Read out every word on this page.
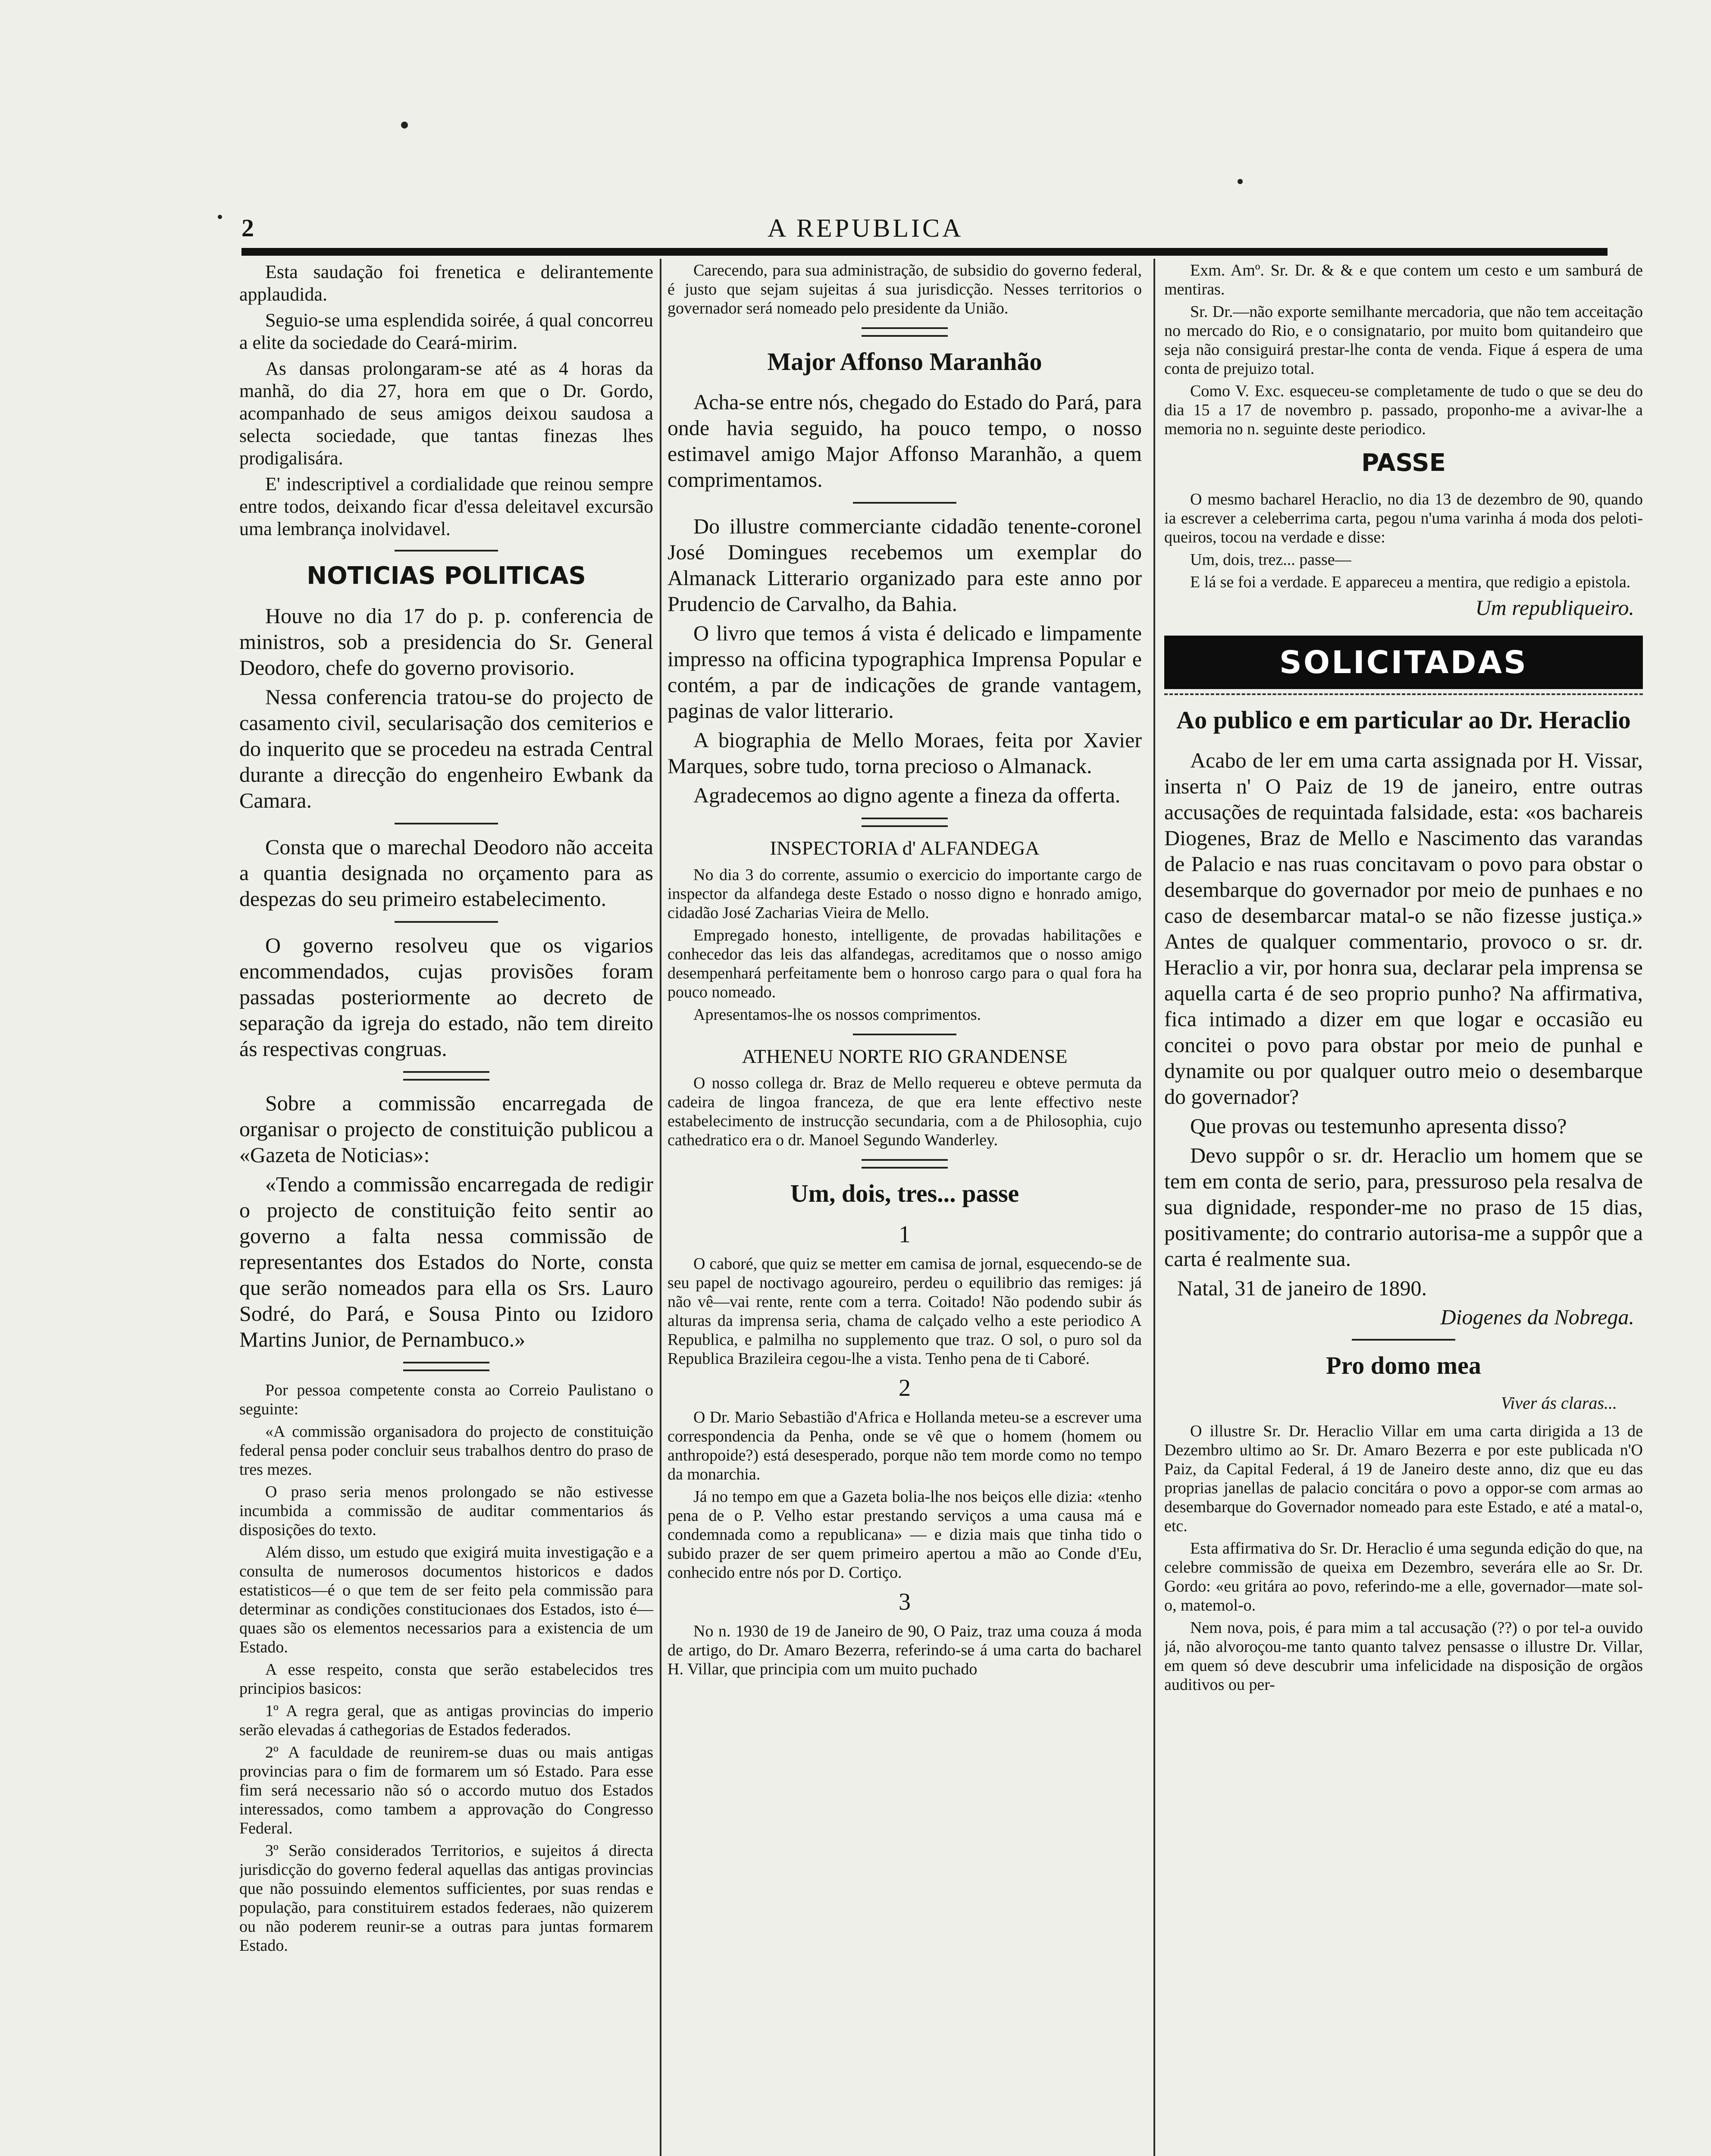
2	A REPUBLICA

Esta saudação foi frenetica e delirantemente applaudida.

Seguio-se uma esplendida soirée, á qual concorreu a elite da sociedade do Ceará-mirim.

As dansas prolongaram-se até as 4 horas da manhã, do dia 27, hora em que o Dr. Gordo, acompanhado de seus amigos deixou saudosa a selecta sociedade, que tantas finezas lhes prodigalisára.

E' indescriptivel a cordialidade que reinou sempre entre todos, deixando ficar d'essa deleitavel excursão uma lembrança inolvidavel.

NOTICIAS POLITICAS

Houve no dia 17 do p. p. conferencia de ministros, sob a presidencia do Sr. General Deodoro, chefe do governo provisorio.

Nessa conferencia tratou-se do projecto de casamento civil, secularisação dos cemiterios e do inquerito que se procedeu na estrada Central durante a direcção do engenheiro Ewbank da Camara.

Consta que o marechal Deodoro não acceita a quantia designada no orçamento para as despezas do seu primeiro estabelecimento.

O governo resolveu que os vigarios encommendados, cujas provisões foram passadas posteriormente ao decreto de separação da igreja do estado, não tem direito ás respectivas congruas.

Sobre a commissão encarregada de organisar o projecto de constituição publicou a «Gazeta de Noticias»:

«Tendo a commissão encarregada de redigir o projecto de constituição feito sentir ao governo a falta nessa commissão de representantes dos Estados do Norte, consta que serão nomeados para ella os Srs. Lauro Sodré, do Pará, e Sousa Pinto ou Izidoro Martins Junior, de Pernambuco.»

Por pessoa competente consta ao Correio Paulistano o seguinte:

«A commissão organisadora do projecto de constituição federal pensa poder concluir seus trabalhos dentro do praso de tres mezes.

O praso seria menos prolongado se não estivesse incumbida a commissão de auditar commentarios ás disposições do texto.

Além disso, um estudo que exigirá muita investigação e a consulta de numerosos documentos historicos e dados estatisticos—é o que tem de ser feito pela commissão para determinar as condições constitucionaes dos Estados, isto é—quaes são os elementos necessarios para a existencia de um Estado.

A esse respeito, consta que serão estabelecidos tres principios basicos:

1º A regra geral, que as antigas provincias do imperio serão elevadas á cathegorias de Estados federados.

2º A faculdade de reunirem-se duas ou mais antigas provincias para o fim de formarem um só Estado. Para esse fim será necessario não só o accordo mutuo dos Estados interessados, como tambem a approvação do Congresso Federal.

3º Serão considerados Territorios, e sujeitos á directa jurisdicção do governo federal aquellas das antigas provincias que não possuindo elementos sufficientes, por suas rendas e população, para constituirem estados federaes, não quizerem ou não poderem reunir-se a outras para juntas formarem Estado.

Carecendo, para sua administração, de subsidio do governo federal, é justo que sejam sujeitas á sua jurisdicção. Nesses territorios o governador será nomeado pelo presidente da União.

Major Affonso Maranhão

Acha-se entre nós, chegado do Estado do Pará, para onde havia seguido, ha pouco tempo, o nosso estimavel amigo Major Affonso Maranhão, a quem comprimentamos.

Do illustre commerciante cidadão tenente-coronel José Domingues recebemos um exemplar do Almanack Litterario organizado para este anno por Prudencio de Carvalho, da Bahia.

O livro que temos á vista é delicado e limpamente impresso na officina typographica Imprensa Popular e contém, a par de indicações de grande vantagem, paginas de valor litterario.

A biographia de Mello Moraes, feita por Xavier Marques, sobre tudo, torna precioso o Almanack.

Agradecemos ao digno agente a fineza da offerta.

INSPECTORIA d' ALFANDEGA

No dia 3 do corrente, assumio o exercicio do importante cargo de inspector da alfandega deste Estado o nosso digno e honrado amigo, cidadão José Zacharias Vieira de Mello.

Empregado honesto, intelligente, de provadas habilitações e conhecedor das leis das alfandegas, acreditamos que o nosso amigo desempenhará perfeitamente bem o honroso cargo para o qual fora ha pouco nomeado.

Apresentamos-lhe os nossos comprimentos.

ATHENEU NORTE RIO GRANDENSE

O nosso collega dr. Braz de Mello requereu e obteve permuta da cadeira de lingoa franceza, de que era lente effectivo neste estabelecimento de instrucção secundaria, com a de Philosophia, cujo cathedratico era o dr. Manoel Segundo Wanderley.

Um, dois, tres... passe
1

O caboré, que quiz se metter em camisa de jornal, esquecendo-se de seu papel de noctivago agoureiro, perdeu o equilibrio das remiges: já não vê—vai rente, rente com a terra. Coitado! Não podendo subir ás alturas da imprensa seria, chama de calçado velho a este periodico A Republica, e palmilha no supplemento que traz. O sol, o puro sol da Republica Brazileira cegou-lhe a vista. Tenho pena de ti Caboré.

2

O Dr. Mario Sebastião d'Africa e Hollanda meteu-se a escrever uma correspondencia da Penha, onde se vê que o homem (homem ou anthropoide?) está desesperado, porque não tem morde como no tempo da monarchia.

Já no tempo em que a Gazeta bolia-lhe nos beiços elle dizia: «tenho pena de o P. Velho estar prestando serviços a uma causa má e condemnada como a republicana» — e dizia mais que tinha tido o subido prazer de ser quem primeiro apertou a mão ao Conde d'Eu, conhecido entre nós por D. Cortiço.

3

No n. 1930 de 19 de Janeiro de 90, O Paiz, traz uma couza á moda de artigo, do Dr. Amaro Bezerra, referindo-se á uma carta do bacharel H. Villar, que principia com um muito puchado

Exm. Amº. Sr. Dr. & & e que contem um cesto e um samburá de mentiras.

Sr. Dr.—não exporte semilhante mercadoria, que não tem acceitação no mercado do Rio, e o consignatario, por muito bom quitandeiro que seja não consiguirá prestar-lhe conta de venda. Fique á espera de uma conta de prejuizo total.

Como V. Exc. esqueceu-se completamente de tudo o que se deu do dia 15 a 17 de novembro p. passado, proponho-me a avivar-lhe a memoria no n. seguinte deste periodico.

PASSE

O mesmo bacharel Heraclio, no dia 13 de dezembro de 90, quando ia escrever a celeberrima carta, pegou n'uma varinha á moda dos peloti-queiros, tocou na verdade e disse:

Um, dois, trez... passe—

E lá se foi a verdade. E appareceu a mentira, que redigio a epistola.

Um republiqueiro.
SOLICITADAS
Ao publico e em particular ao Dr. Heraclio

Acabo de ler em uma carta assignada por H. Vissar, inserta n' O Paiz de 19 de janeiro, entre outras accusações de requintada falsidade, esta: «os bachareis Diogenes, Braz de Mello e Nascimento das varandas de Palacio e nas ruas concitavam o povo para obstar o desembarque do governador por meio de punhaes e no caso de desembarcar matal-o se não fizesse justiça.» Antes de qualquer commentario, provoco o sr. dr. Heraclio a vir, por honra sua, declarar pela imprensa se aquella carta é de seo proprio punho? Na affirmativa, fica intimado a dizer em que logar e occasião eu concitei o povo para obstar por meio de punhal e dynamite ou por qualquer outro meio o desembarque do governador?

Que provas ou testemunho apresenta disso?

Devo suppôr o sr. dr. Heraclio um homem que se tem em conta de serio, para, pressuroso pela resalva de sua dignidade, responder-me no praso de 15 dias, positivamente; do contrario autorisa-me a suppôr que a carta é realmente sua.

Natal, 31 de janeiro de 1890.

Diogenes da Nobrega.
Pro domo mea
Viver ás claras...

O illustre Sr. Dr. Heraclio Villar em uma carta dirigida a 13 de Dezembro ultimo ao Sr. Dr. Amaro Bezerra e por este publicada n'O Paiz, da Capital Federal, á 19 de Janeiro deste anno, diz que eu das proprias janellas de palacio concitára o povo a oppor-se com armas ao desembarque do Governador nomeado para este Estado, e até a matal-o, etc.

Esta affirmativa do Sr. Dr. Heraclio é uma segunda edição do que, na celebre commissão de queixa em Dezembro, severára elle ao Sr. Dr. Gordo: «eu gritára ao povo, referindo-me a elle, governador—mate sol-o, matemol-o.

Nem nova, pois, é para mim a tal accusação (??) o por tel-a ouvido já, não alvoroçou-me tanto quanto talvez pensasse o illustre Dr. Villar, em quem só deve descubrir uma infelicidade na disposição de orgãos auditivos ou per-
